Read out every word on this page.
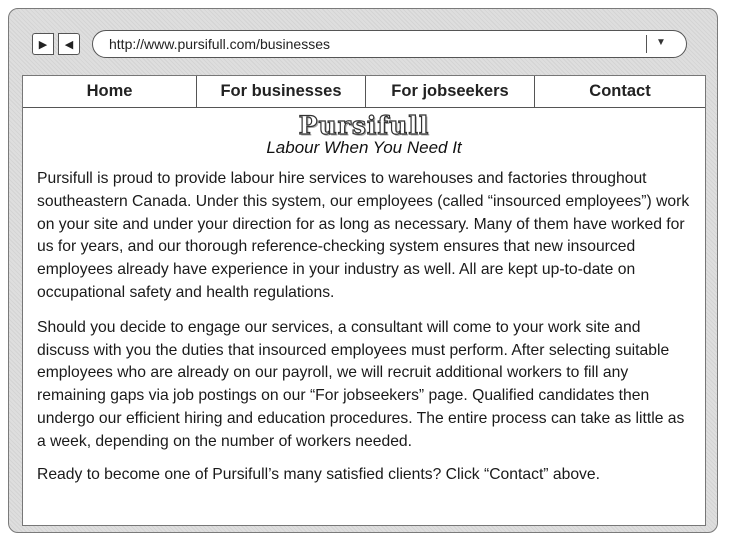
▶ ◀	http://www.pursifull.com/businesses	▼
Home	For businesses	For jobseekers	Contact
Pursifull
Labour When You Need It

Pursifull is proud to provide labour hire services to warehouses and factories throughout southeastern Canada. Under this system, our employees (called “insourced employees”) work on your site and under your direction for as long as necessary. Many of them have worked for us for years, and our thorough reference-checking system ensures that new insourced employees already have experience in your industry as well. All are kept up-to-date on occupational safety and health regulations.

Should you decide to engage our services, a consultant will come to your work site and discuss with you the duties that insourced employees must perform. After selecting suitable employees who are already on our payroll, we will recruit additional workers to fill any remaining gaps via job postings on our “For jobseekers” page. Qualified candidates then undergo our efficient hiring and education procedures. The entire process can take as little as a week, depending on the number of workers needed.

Ready to become one of Pursifull’s many satisfied clients? Click “Contact” above.
